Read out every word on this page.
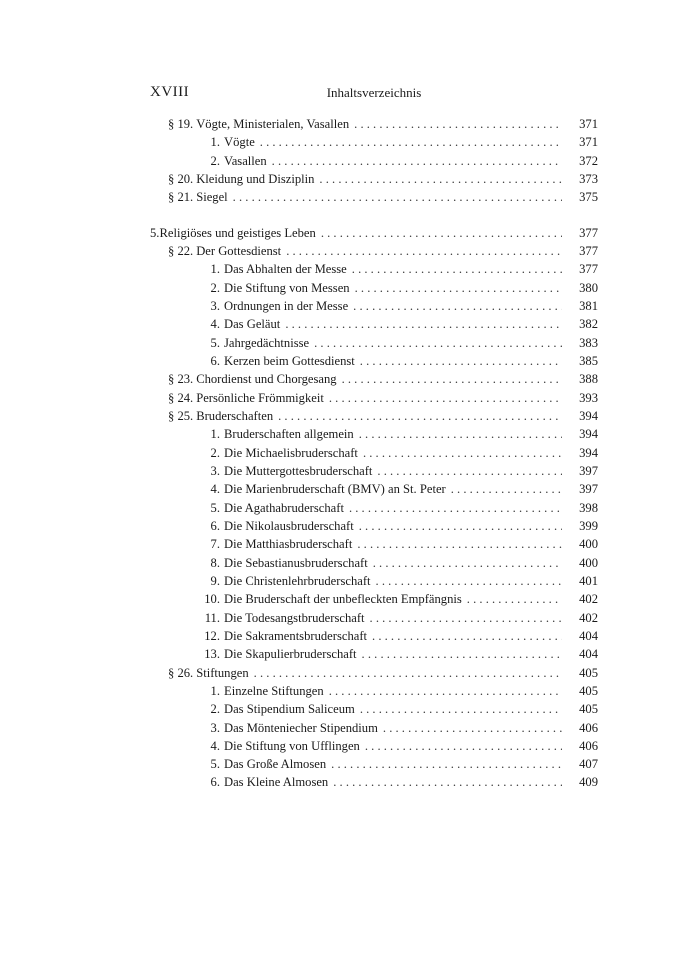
XVIII	Inhaltsverzeichnis
§ 19. Vögte, Ministerialen, Vasallen . . .	371
1. Vögte . . .	371
2. Vasallen . . .	372
§ 20. Kleidung und Disziplin . . .	373
§ 21. Siegel . . .	375
5. Religiöses und geistiges Leben . . .	377
§ 22. Der Gottesdienst . . .	377
1. Das Abhalten der Messe . . .	377
2. Die Stiftung von Messen . . .	380
3. Ordnungen in der Messe . . .	381
4. Das Geläut . . .	382
5. Jahrgedächtnisse . . .	383
6. Kerzen beim Gottesdienst . . .	385
§ 23. Chordienst und Chorgesang . . .	388
§ 24. Persönliche Frömmigkeit . . .	393
§ 25. Bruderschaften . . .	394
1. Bruderschaften allgemein . . .	394
2. Die Michaelisbruderschaft . . .	394
3. Die Muttergottesbruderschaft . . .	397
4. Die Marienbruderschaft (BMV) an St. Peter . . .	397
5. Die Agathabruderschaft . . .	398
6. Die Nikolausbruderschaft . . .	399
7. Die Matthiasbruderschaft . . .	400
8. Die Sebastianusbruderschaft . . .	400
9. Die Christenlehrbruderschaft . . .	401
10. Die Bruderschaft der unbefleckten Empfängnis . . .	402
11. Die Todesangstbruderschaft . . .	402
12. Die Sakramentsbruderschaft . . .	404
13. Die Skapulierbruderschaft . . .	404
§ 26. Stiftungen . . .	405
1. Einzelne Stiftungen . . .	405
2. Das Stipendium Saliceum . . .	405
3. Das Mönteniecher Stipendium . . .	406
4. Die Stiftung von Ufflingen . . .	406
5. Das Große Almosen . . .	407
6. Das Kleine Almosen . . .	409
